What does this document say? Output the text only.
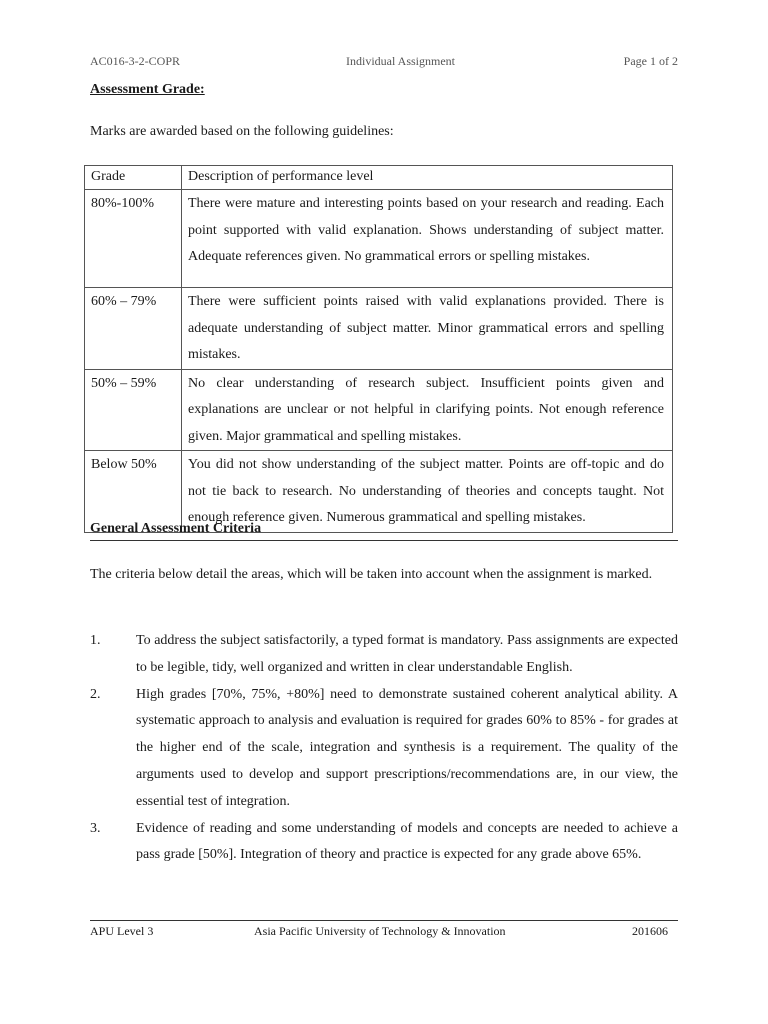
AC016-3-2-COPR	Individual Assignment	Page 1 of 2
Assessment Grade:
Marks are awarded based on the following guidelines:
Grade	Description of performance level
80%-100%	There were mature and interesting points based on your research and reading. Each point supported with valid explanation. Shows understanding of subject matter. Adequate references given. No grammatical errors or spelling mistakes.

60% – 79%	There were sufficient points raised with valid explanations provided. There is adequate understanding of subject matter. Minor grammatical errors and spelling mistakes.

50% – 59%	No clear understanding of research subject. Insufficient points given and explanations are unclear or not helpful in clarifying points. Not enough reference given. Major grammatical and spelling mistakes.

Below 50%	You did not show understanding of the subject matter. Points are off-topic and do not tie back to research. No understanding of theories and concepts taught. Not enough reference given. Numerous grammatical and spelling mistakes.
General Assessment Criteria
The criteria below detail the areas, which will be taken into account when the assignment is marked.
1.	To address the subject satisfactorily, a typed format is mandatory. Pass assignments are expected to be legible, tidy, well organized and written in clear understandable English.
2.	High grades [70%, 75%, +80%] need to demonstrate sustained coherent analytical ability. A systematic approach to analysis and evaluation is required for grades 60% to 85% - for grades at the higher end of the scale, integration and synthesis is a requirement. The quality of the arguments used to develop and support prescriptions/recommendations are, in our view, the essential test of integration.
3.	Evidence of reading and some understanding of models and concepts are needed to achieve a pass grade [50%]. Integration of theory and practice is expected for any grade above 65%.
APU Level 3	Asia Pacific University of Technology & Innovation	201606
